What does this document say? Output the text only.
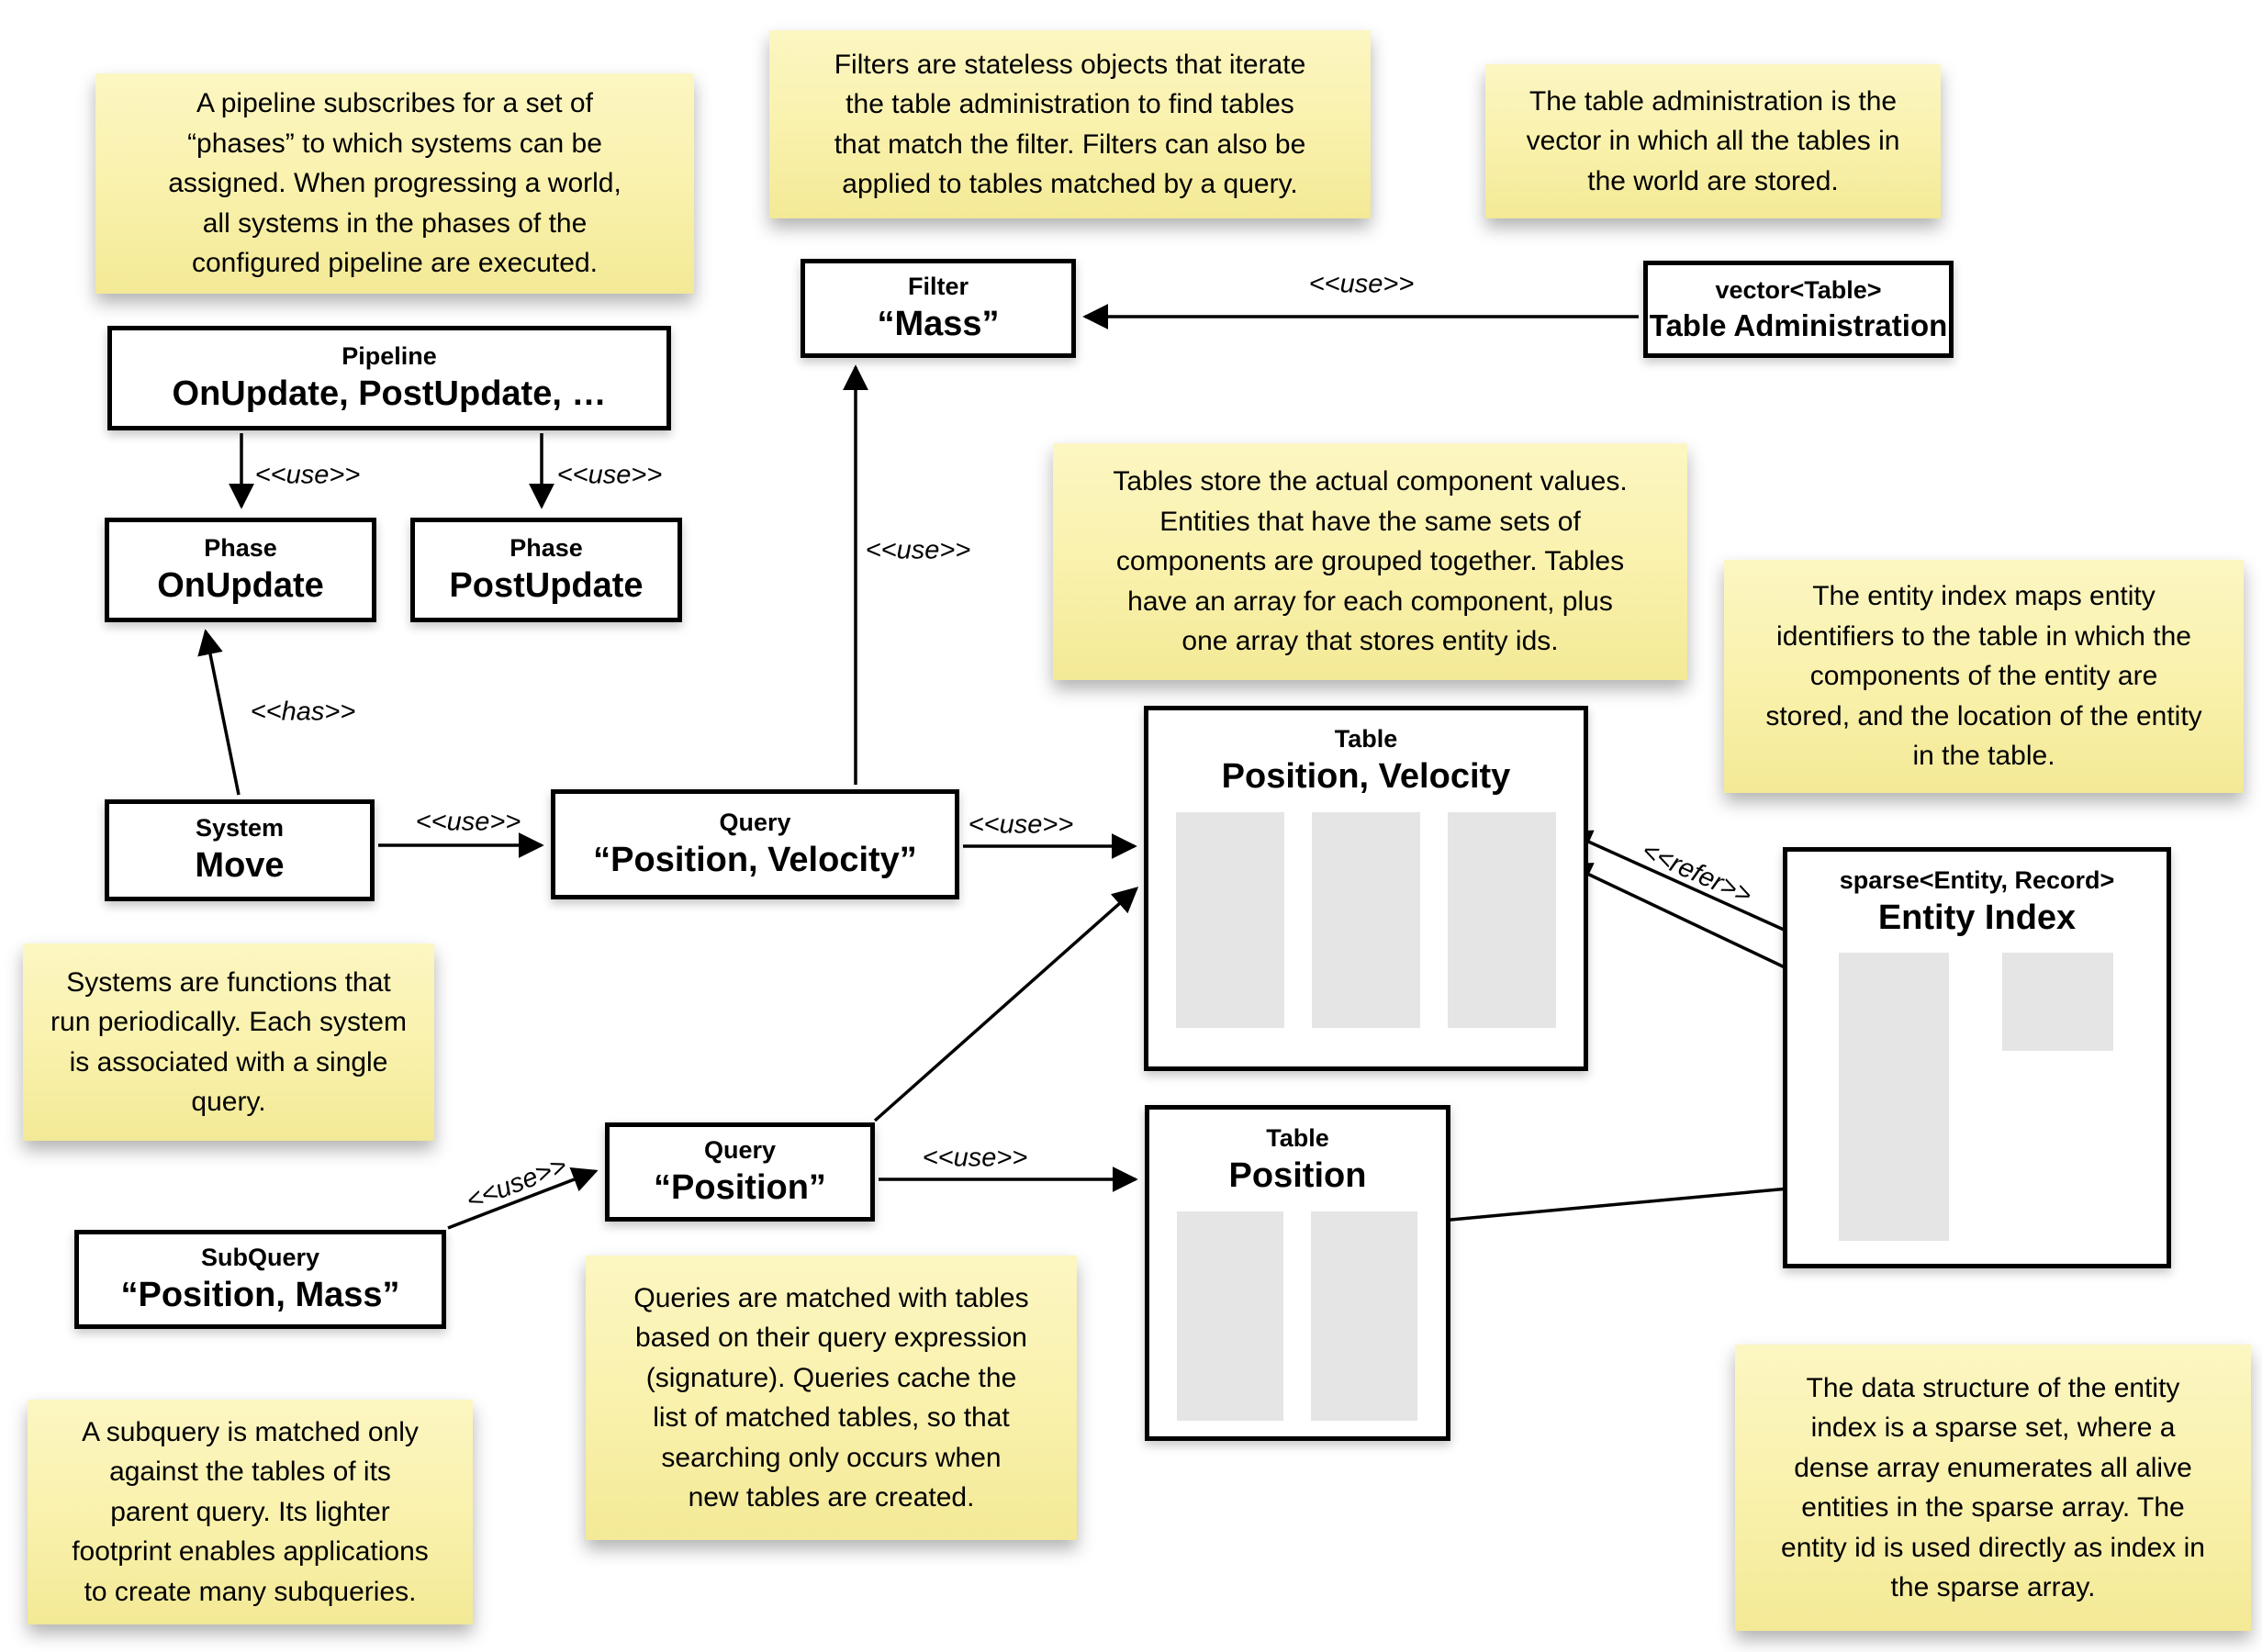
A pipeline subscribes for a set of
“phases” to which systems can be
assigned. When progressing a world,
all systems in the phases of the
configured pipeline are executed.
Filters are stateless objects that iterate
the table administration to find tables
that match the filter. Filters can also be
applied to tables matched by a query.
The table administration is the
vector in which all the tables in
the world are stored.
Tables store the actual component values.
Entities that have the same sets of
components are grouped together. Tables
have an array for each component, plus
one array that stores entity ids.
The entity index maps entity
identifiers to the table in which the
components of the entity are
stored, and the location of the entity
in the table.
Systems are functions that
run periodically. Each system
is associated with a single
query.
Queries are matched with tables
based on their query expression
(signature). Queries cache the
list of matched tables, so that
searching only occurs when
new tables are created.
A subquery is matched only
against the tables of its
parent query. Its lighter
footprint enables applications
to create many subqueries.
The data structure of the entity
index is a sparse set, where a
dense array enumerates all alive
entities in the sparse array. The
entity id is used directly as index in
the sparse array.
Pipeline
OnUpdate, PostUpdate, …
Phase
OnUpdate
Phase
PostUpdate
System
Move
Query
“Position, Velocity”
Filter
“Mass”
vector<Table>
Table Administration
Table
Position, Velocity
Table
Position
Query
“Position”
SubQuery
“Position, Mass”
sparse<Entity, Record>
Entity Index
<<use>>	<<use>>
<<has>>
<<use>>
<<use>>
<<use>>
<<use>>
<<use>>
<<use>>
<<refer>>
